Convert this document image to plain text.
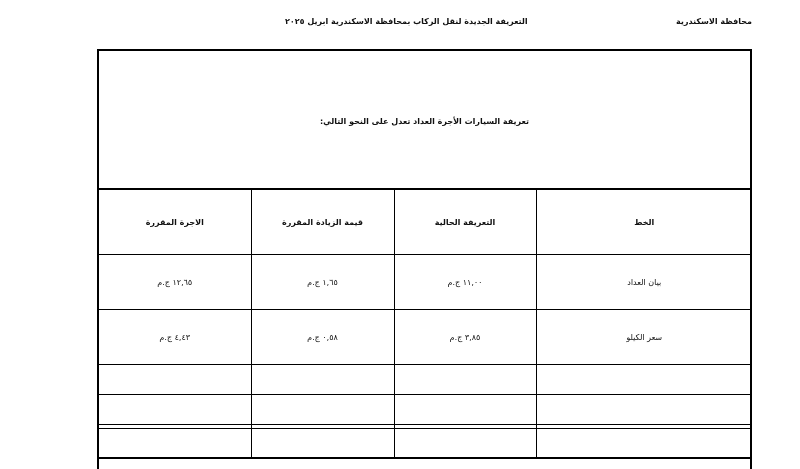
محافظة الاسكندرية
التعريفة الجديدة لنقل الركاب بمحافظة الاسكندرية ابريل ٢٠٢٥
تعريفة السيارات الأجرة العداد تعدل على النحو التالي:
الاجرة المقررة	قيمة الزيادة المقررة	التعريفة الحالية	الخط
١٢,٦٥ ج.م	١,٦٥ ج.م	١١,٠٠ ج.م	بيان العداد
٤,٤٣ ج.م	٠,٥٨ ج.م	٣,٨٥ ج.م	سعر الكيلو
